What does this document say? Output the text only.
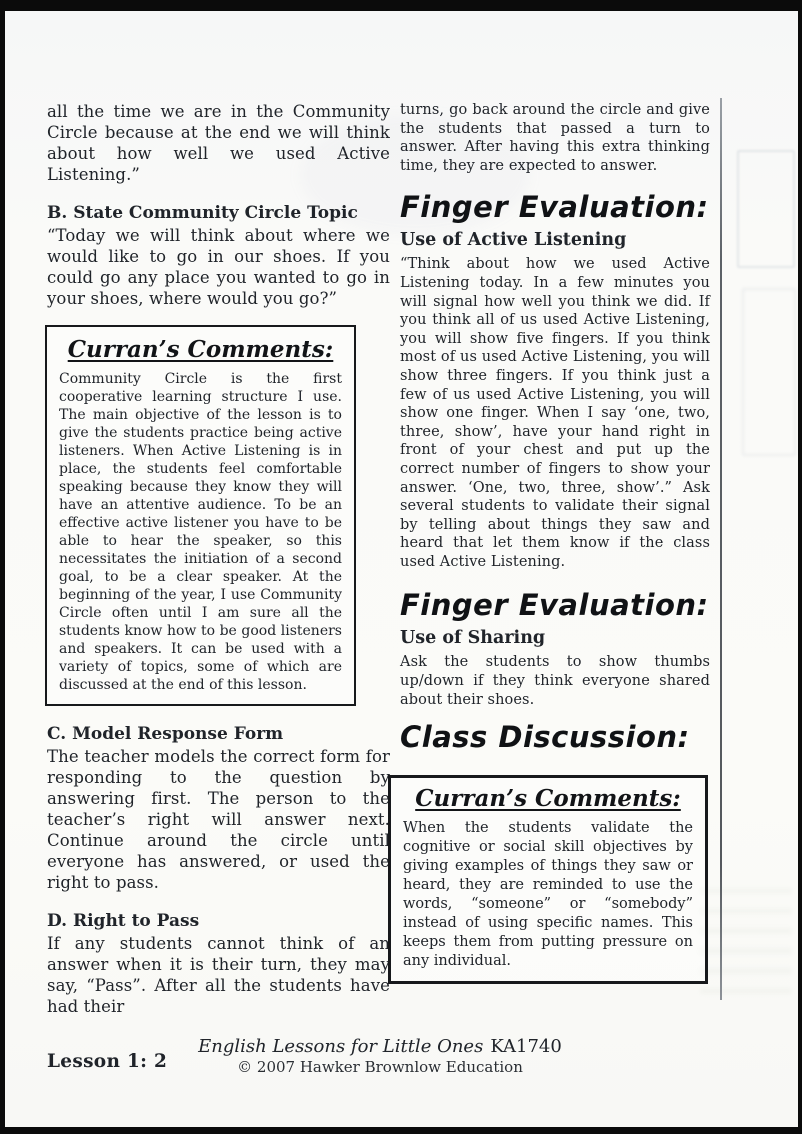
all the time we are in the Community Circle because at the end we will think about how well we used Active Listening.”

B. State Community Circle Topic

“Today we will think about where we would like to go in our shoes. If you could go any place you wanted to go in your shoes, where would you go?”

Curran’s Comments:

Community Circle is the first cooperative learning structure I use. The main objective of the lesson is to give the students practice being active listeners. When Active Listening is in place, the students feel comfortable speaking because they know they will have an attentive audience. To be an effective active listener you have to be able to hear the speaker, so this necessitates the initiation of a second goal, to be a clear speaker. At the beginning of the year, I use Community Circle often until I am sure all the students know how to be good listeners and speakers. It can be used with a variety of topics, some of which are discussed at the end of this lesson.

C. Model Response Form

The teacher models the correct form for responding to the question by answering first. The person to the teacher’s right will answer next. Continue around the circle until everyone has answered, or used the right to pass.

D. Right to Pass

If any students cannot think of an answer when it is their turn, they may say, “Pass”. After all the students have had their

turns, go back around the circle and give the students that passed a turn to answer. After having this extra thinking time, they are expected to answer.

Finger Evaluation:
Use of Active Listening

“Think about how we used Active Listening today. In a few minutes you will signal how well you think we did. If you think all of us used Active Listening, you will show five fingers. If you think most of us used Active Listening, you will show three fingers. If you think just a few of us used Active Listening, you will show one finger. When I say ‘one, two, three, show’, have your hand right in front of your chest and put up the correct number of fingers to show your answer. ‘One, two, three, show’.” Ask several students to validate their signal by telling about things they saw and heard that let them know if the class used Active Listening.

Finger Evaluation:
Use of Sharing

Ask the students to show thumbs up/down if they think everyone shared about their shoes.

Class Discussion:
Curran’s Comments:

When the students validate the cognitive or social skill objectives by giving examples of things they saw or heard, they are reminded to use the words, “someone” or “somebody” instead of using specific names. This keeps them from putting pressure on any individual.

Lesson 1: 2
English Lessons for Little Ones KA1740
© 2007 Hawker Brownlow Education
